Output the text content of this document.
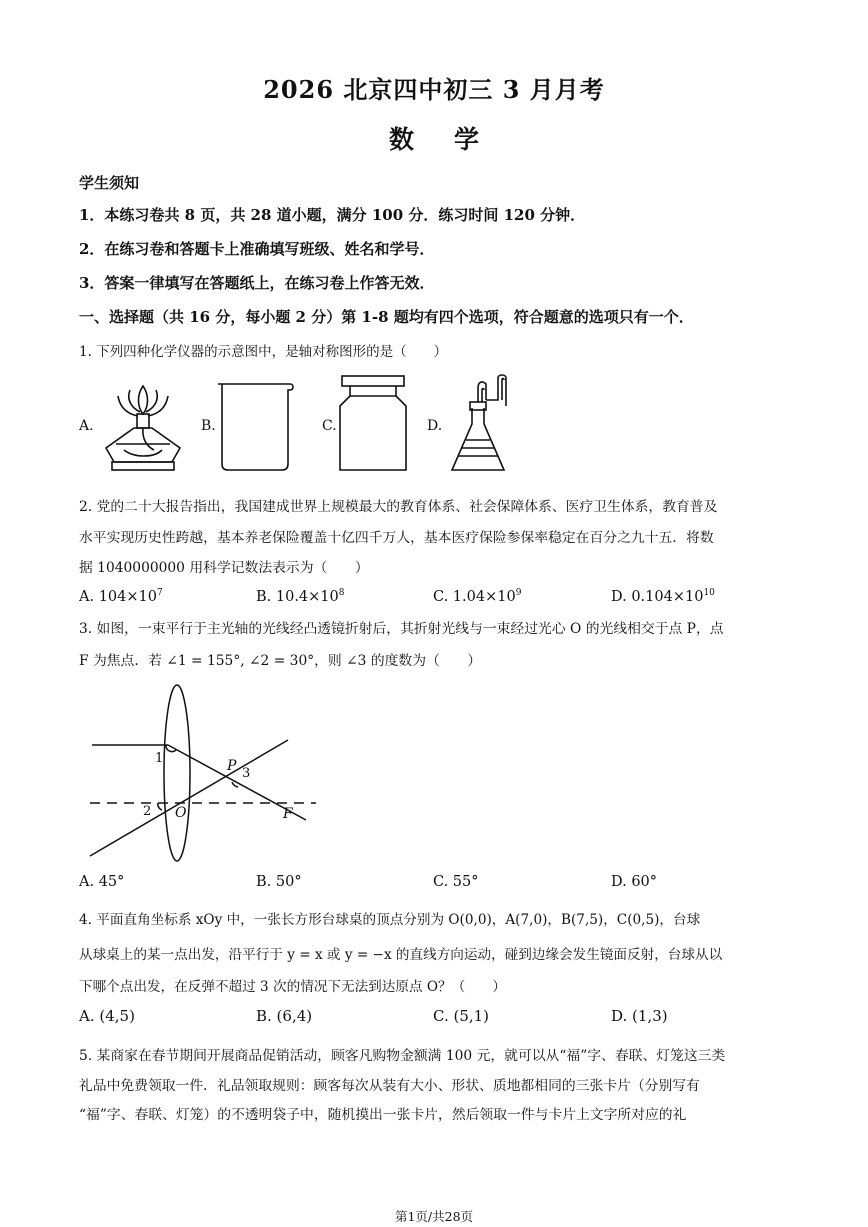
2026 北京四中初三 3 月月考
数学
学生须知
1．本练习卷共 8 页，共 28 道小题，满分 100 分．练习时间 120 分钟．
2．在练习卷和答题卡上准确填写班级、姓名和学号．
3．答案一律填写在答题纸上，在练习卷上作答无效．
一、选择题（共 16 分，每小题 2 分）第 1-8 题均有四个选项，符合题意的选项只有一个．
1. 下列四种化学仪器的示意图中，是轴对称图形的是（　　）
A.	B.	C.	D.
2. 党的二十大报告指出，我国建成世界上规模最大的教育体系、社会保障体系、医疗卫生体系，教育普及
水平实现历史性跨越，基本养老保险覆盖十亿四千万人，基本医疗保险参保率稳定在百分之九十五．将数
据 1040000000 用科学记数法表示为（　　）
A. $104\times 10^7$	B. $10.4\times 10^8$	C. $1.04\times 10^9$	D. $0.104\times 10^{10}$
3. 如图，一束平行于主光轴的光线经凸透镜折射后，其折射光线与一束经过光心 O 的光线相交于点 P，点
F 为焦点．若 ∠1 = 155°, ∠2 = 30°，则 ∠3 的度数为（　　）
1
2
3
P
O	F
A. 45°	B. 50°	C. 55°	D. 60°
4. 平面直角坐标系 xOy 中，一张长方形台球桌的顶点分别为 O(0,0)，A(7,0)，B(7,5)，C(0,5)，台球
从球桌上的某一点出发，沿平行于 y = x 或 y = −x 的直线方向运动，碰到边缘会发生镜面反射，台球从以
下哪个点出发，在反弹不超过 3 次的情况下无法到达原点 O？（　　）
A. (4,5)	B. (6,4)	C. (5,1)	D. (1,3)
5. 某商家在春节期间开展商品促销活动，顾客凡购物金额满 100 元，就可以从“福”字、春联、灯笼这三类
礼品中免费领取一件．礼品领取规则：顾客每次从装有大小、形状、质地都相同的三张卡片（分别写有
“福”字、春联、灯笼）的不透明袋子中，随机摸出一张卡片，然后领取一件与卡片上文字所对应的礼
第1页/共28页
